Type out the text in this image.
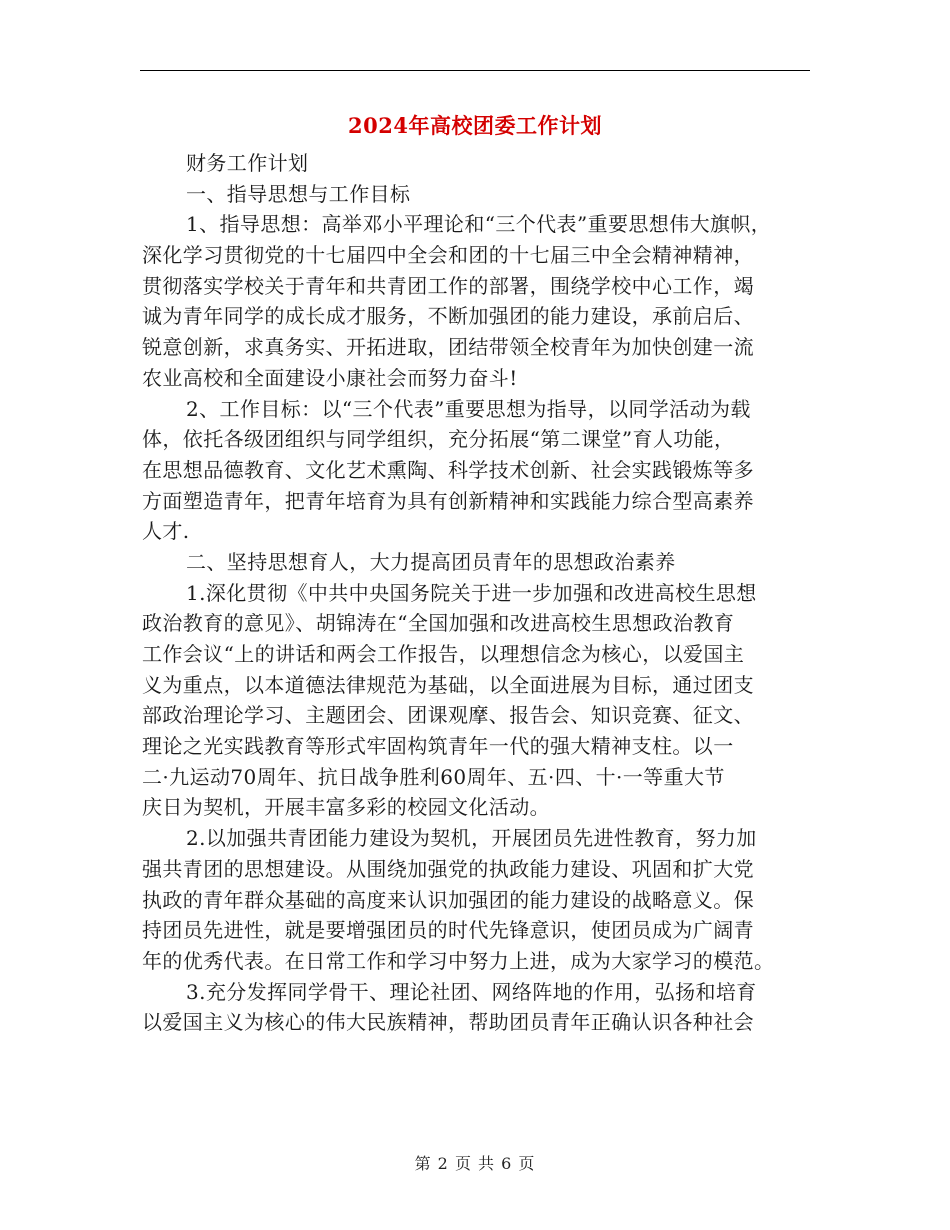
2024年高校团委工作计划
财务工作计划
一、指导思想与工作目标
1、指导思想：高举邓小平理论和“三个代表”重要思想伟大旗帜，
深化学习贯彻党的十七届四中全会和团的十七届三中全会精神精神，
贯彻落实学校关于青年和共青团工作的部署，围绕学校中心工作，竭
诚为青年同学的成长成才服务，不断加强团的能力建设，承前启后、
锐意创新，求真务实、开拓进取，团结带领全校青年为加快创建一流
农业高校和全面建设小康社会而努力奋斗!
2、工作目标：以“三个代表”重要思想为指导，以同学活动为载
体，依托各级团组织与同学组织，充分拓展“第二课堂”育人功能，
在思想品德教育、文化艺术熏陶、科学技术创新、社会实践锻炼等多
方面塑造青年，把青年培育为具有创新精神和实践能力综合型高素养
人才.
二、坚持思想育人，大力提高团员青年的思想政治素养
1.深化贯彻《中共中央国务院关于进一步加强和改进高校生思想
政治教育的意见》、胡锦涛在“全国加强和改进高校生思想政治教育
工作会议“上的讲话和两会工作报告，以理想信念为核心，以爱国主
义为重点，以本道德法律规范为基础，以全面进展为目标，通过团支
部政治理论学习、主题团会、团课观摩、报告会、知识竞赛、征文、
理论之光实践教育等形式牢固构筑青年一代的强大精神支柱。以一
二·九运动70周年、抗日战争胜利60周年、五·四、十·一等重大节
庆日为契机，开展丰富多彩的校园文化活动。
2.以加强共青团能力建设为契机，开展团员先进性教育，努力加
强共青团的思想建设。从围绕加强党的执政能力建设、巩固和扩大党
执政的青年群众基础的高度来认识加强团的能力建设的战略意义。保
持团员先进性，就是要增强团员的时代先锋意识，使团员成为广阔青
年的优秀代表。在日常工作和学习中努力上进，成为大家学习的模范。
3.充分发挥同学骨干、理论社团、网络阵地的作用，弘扬和培育
以爱国主义为核心的伟大民族精神，帮助团员青年正确认识各种社会
第 2 页 共 6 页
